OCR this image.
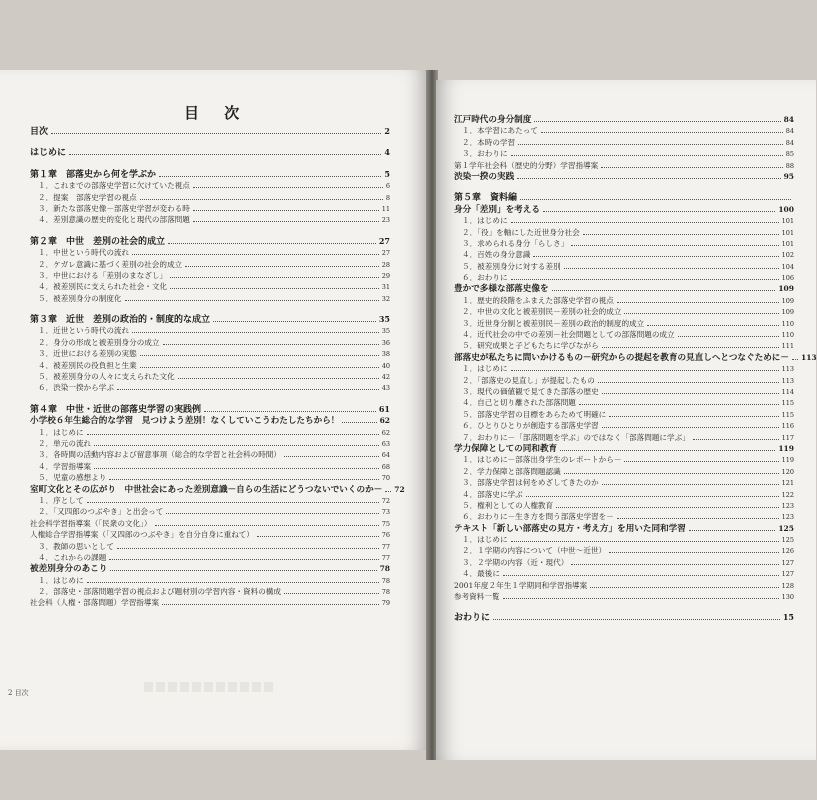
目 次
目次	2
はじめに	4
第１章　部落史から何を学ぶか	5
１．これまでの部落史学習に欠けていた視点	6
２．提案　部落史学習の視点	8
３．新たな部落史像－部落史学習が変わる時	11
４．差別意識の歴史的変化と現代の部落問題	23
第２章　中世　差別の社会的成立	27
１．中世という時代の流れ	27
２．ケガレ意識に基づく差別の社会的成立	28
３．中世における「差別のまなざし」	29
４．被差別民に支えられた社会・文化	31
５．被差別身分の制度化	32
第３章　近世　差別の政治的・制度的な成立	35
１．近世という時代の流れ	35
２．身分の形成と被差別身分の成立	36
３．近世における差別の実態	38
４．被差別民の役負担と生業	40
５．被差別身分の人々に支えられた文化	42
６．渋染一揆から学ぶ	43
第４章　中世・近世の部落史学習の実践例	61
小学校６年生総合的な学習　見つけよう差別！なくしていこうわたしたちから！	62
１．はじめに	62
２．単元の流れ	63
３．各時間の活動内容および留意事項（総合的な学習と社会科の時間）	64
４．学習指導案	68
５．児童の感想より	70
室町文化とその広がり　中世社会にあった差別意識－自らの生活にどうつないでいくのか－ 72
１．序として	72
２．「又四郎のつぶやき」と出会って	73
社会科学習指導案（「民衆の文化」）	75
人権総合学習指導案（「又四郎のつぶやき」を自分自身に重ねて）	76
３．教師の思いとして	77
４．これからの課題	77
被差別身分のあこり	78
１．はじめに	78
２．部落史・部落問題学習の視点および題材別の学習内容・資料の構成	78
社会科（人権・部落問題）学習指導案	79
2 目次
江戸時代の身分制度	84
１．本学習にあたって	84
２．本時の学習	84
３．おわりに	85
第１学年社会科（歴史的分野）学習指導案	88
渋染一揆の実践	95
第５章　資料編
身分「差別」を考える	100
１．はじめに	101
２．「役」を軸にした近世身分社会	101
３．求められる身分「らしさ」	101
４．百姓の身分意識	102
５．被差別身分に対する差別	104
６．おわりに	106
豊かで多様な部落史像を	109
１．歴史的段階をふまえた部落史学習の視点	109
２．中世の文化と被差別民－差別の社会的成立	109
３．近世身分制と被差別民－差別の政治的制度的成立	110
４．近代社会の中での差別－社会問題としての部落問題の成立	110
５．研究成果と子どもたちに学びながら	111
部落史が私たちに問いかけるもの－研究からの提起を教育の見直しへとつなぐために－ 113
１．はじめに	113
２．「部落史の見直し」が提起したもの	113
３．現代の価値観で見てきた部落の歴史	114
４．自己と切り離された部落問題	115
５．部落史学習の目標をあらためて明確に	115
６．ひとりひとりが創造する部落史学習	116
７．おわりに－「部落問題を学ぶ」のではなく「部落問題に学ぶ」	117
学力保障としての同和教育	119
１．はじめに－部落出身学生のレポートから－	119
２．学力保障と部落問題認識	120
３．部落史学習は何をめざしてきたのか	121
４．部落史に学ぶ	122
５．権利としての人権教育	123
６．おわりに－生き方を問う部落史学習を－	123
テキスト「新しい部落史の見方・考え方」を用いた同和学習	125
１．はじめに	125
２．１学期の内容について（中世～近世）	126
３．２学期の内容（近・現代）	127
４．最後に	127
2001年度２年生１学期同和学習指導案	128
参考資料一覧	130
おわりに	15
